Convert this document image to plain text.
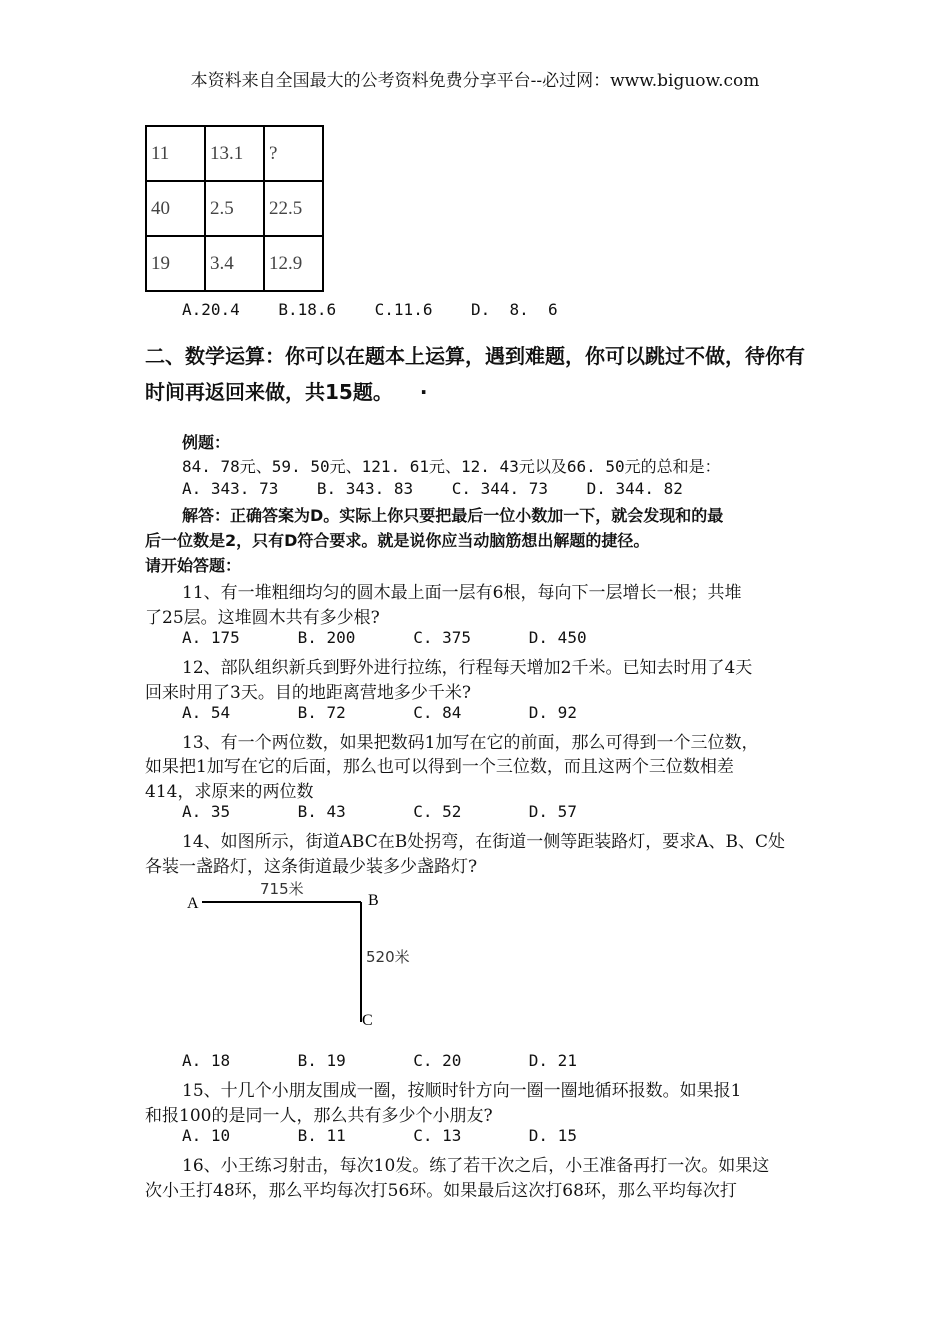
本资料来自全国最大的公考资料免费分享平台--必过网：www.biguow.com
11	13.1	?
40	2.5	22.5
19	3.4	12.9
A.20.4    B.18.6    C.11.6    D.  8.  6
二、数学运算：你可以在题本上运算，遇到难题，你可以跳过不做，待你有时间再返回来做，共15题。 ·
例题：
84. 78元、59. 50元、121. 61元、12. 43元以及66. 50元的总和是：
A. 343. 73    B. 343. 83    C. 344. 73    D. 344. 82
解答：正确答案为D。实际上你只要把最后一位小数加一下，就会发现和的最
后一位数是2，只有D符合要求。就是说你应当动脑筋想出解题的捷径。
请开始答题：
11、有一堆粗细均匀的圆木最上面一层有6根，每向下一层增长一根；共堆
了25层。这堆圆木共有多少根?
A. 175      B. 200      C. 375      D. 450
12、部队组织新兵到野外进行拉练，行程每天增加2千米。已知去时用了4天
回来时用了3天。目的地距离营地多少千米?
A. 54       B. 72       C. 84       D. 92
13、有一个两位数，如果把数码1加写在它的前面，那么可得到一个三位数，
如果把1加写在它的后面，那么也可以得到一个三位数，而且这两个三位数相差
414，求原来的两位数
A. 35       B. 43       C. 52       D. 57
14、如图所示，街道ABC在B处拐弯，在街道一侧等距装路灯，要求A、B、C处
各装一盏路灯，这条街道最少装多少盏路灯?
A	B
C
715米
520米
A. 18       B. 19       C. 20       D. 21
15、十几个小朋友围成一圈，按顺时针方向一圈一圈地循环报数。如果报1
和报100的是同一人，那么共有多少个小朋友?
A. 10       B. 11       C. 13       D. 15
16、小王练习射击，每次10发。练了若干次之后，小王准备再打一次。如果这
次小王打48环，那么平均每次打56环。如果最后这次打68环，那么平均每次打
